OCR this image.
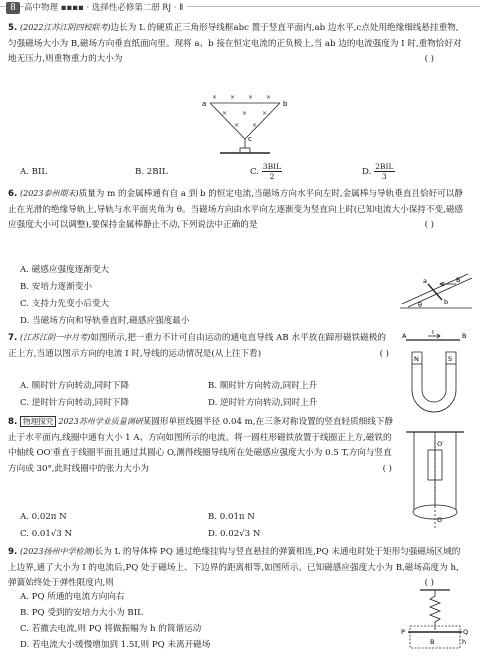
8 高中物理 ▪▪▪▪ · 选择性必修第二册 RJ · Ⅱ

5. (2022江苏江阴四校联考)边长为 L 的硬质正三角形导线框abc 置于竖直平面内,ab 边水平,c点处用绝缘细线悬挂重物,匀强磁场大小为 B,磁场方向垂直纸面向里。现将 a、b 接在恒定电流的正负极上,当 ab 边的电流强度为 I 时,重物恰好对地无压力,则重物重力的大小为	( )

a	b
c
× × × ×
× × ×
× ×
A. BIL	B. 2BIL	C. $\frac{\text{3BIL}}{2}$	D. $\frac{\text{2BIL}}{3}$

6. (2023泰州期末)质量为 m 的金属棒通有自 a 到 b 的恒定电流,当磁场方向水平向左时,金属棒与导轨垂直且恰好可以静止在光滑的绝缘导轨上,导轨与水平面夹角为 θ。当磁场方向由水平向左逐渐变为竖直向上时(已知电流大小保持不变,磁感应强度大小可以调整),要保持金属棒静止不动,下列说法中正确的是	( )

A. 磁感应强度逐渐变大
B. 安培力逐渐变小
C. 支持力先变小后变大
D. 当磁场方向和导轨垂直时,磁感应强度最小
a
b
B
θ

7. (江苏江阴一中月考)如图所示,把一重力不计可自由运动的通电直导线 AB 水平放在蹄形磁铁磁极的正上方,当通以图示方向的电流 I 时,导线的运动情况是(从上往下看)	( )

A. 顺时针方向转动,同时下降	B. 顺时针方向转动,同时上升
C. 逆时针方向转动,同时下降	D. 逆时针方向转动,同时上升
A	B
I
N	S

8. 物理探究 2023苏州学业质量调研某圆形单匝线圈半径 0.04 m,在三条对称设置的竖直轻质细线下静止于水平面内,线圈中通有大小 1 A、方向如图所示的电流。将一圆柱形磁铁放置于线圈正上方,磁铁的中轴线 OO′垂直于线圈平面且通过其圆心 O,测得线圈导线所在处磁感应强度大小为 0.5 T,方向与竖直方向成 30°,此时线圈中的张力大小为	( )

A. 0.02π N	B. 0.01π N
C. 0.01√3 N	D. 0.02√3 N
O′
O

9. (2023扬州中学检测)长为 L 的导体棒 PQ 通过绝缘挂钩与竖直悬挂的弹簧相连,PQ 未通电时处于矩形匀强磁场区域的上边界,通了大小为 I 的电流后,PQ 处于磁场上、下边界的距离相等,如图所示。已知磁感应强度大小为 B,磁场高度为 h,弹簧始终处于弹性限度内,则	( )

A. PQ 所通的电流方向向右
B. PQ 受到的安培力大小为 BIL
C. 若撤去电流,则 PQ 将做振幅为 h 的简谐运动
D. 若电流大小缓慢增加到 1.5I,则 PQ 未离开磁场
P	Q
B	h
